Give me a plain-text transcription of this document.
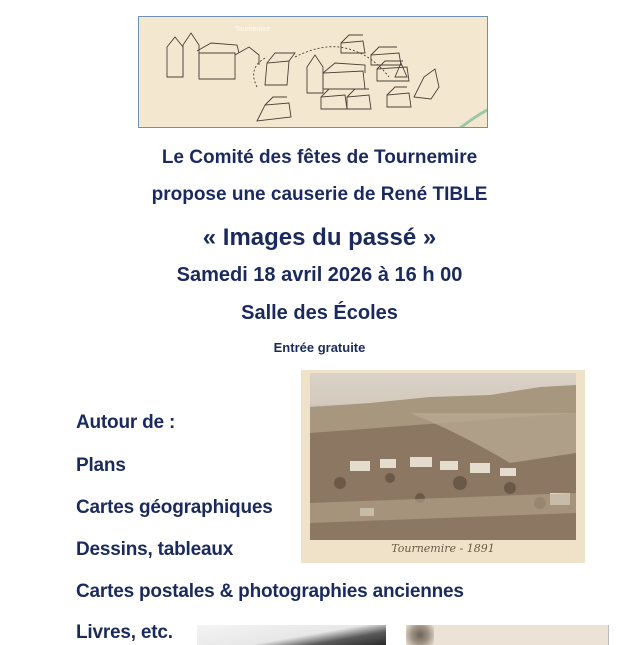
Tournemire
Le Comité des fêtes de Tournemire
propose une causerie de René TIBLE
« Images du passé »
Samedi 18 avril 2026 à 16 h 00
Salle des Écoles
Entrée gratuite
Autour de :
Plans
Cartes géographiques
Dessins, tableaux
Cartes postales & photographies anciennes
Livres, etc.
Tournemire - 1891
